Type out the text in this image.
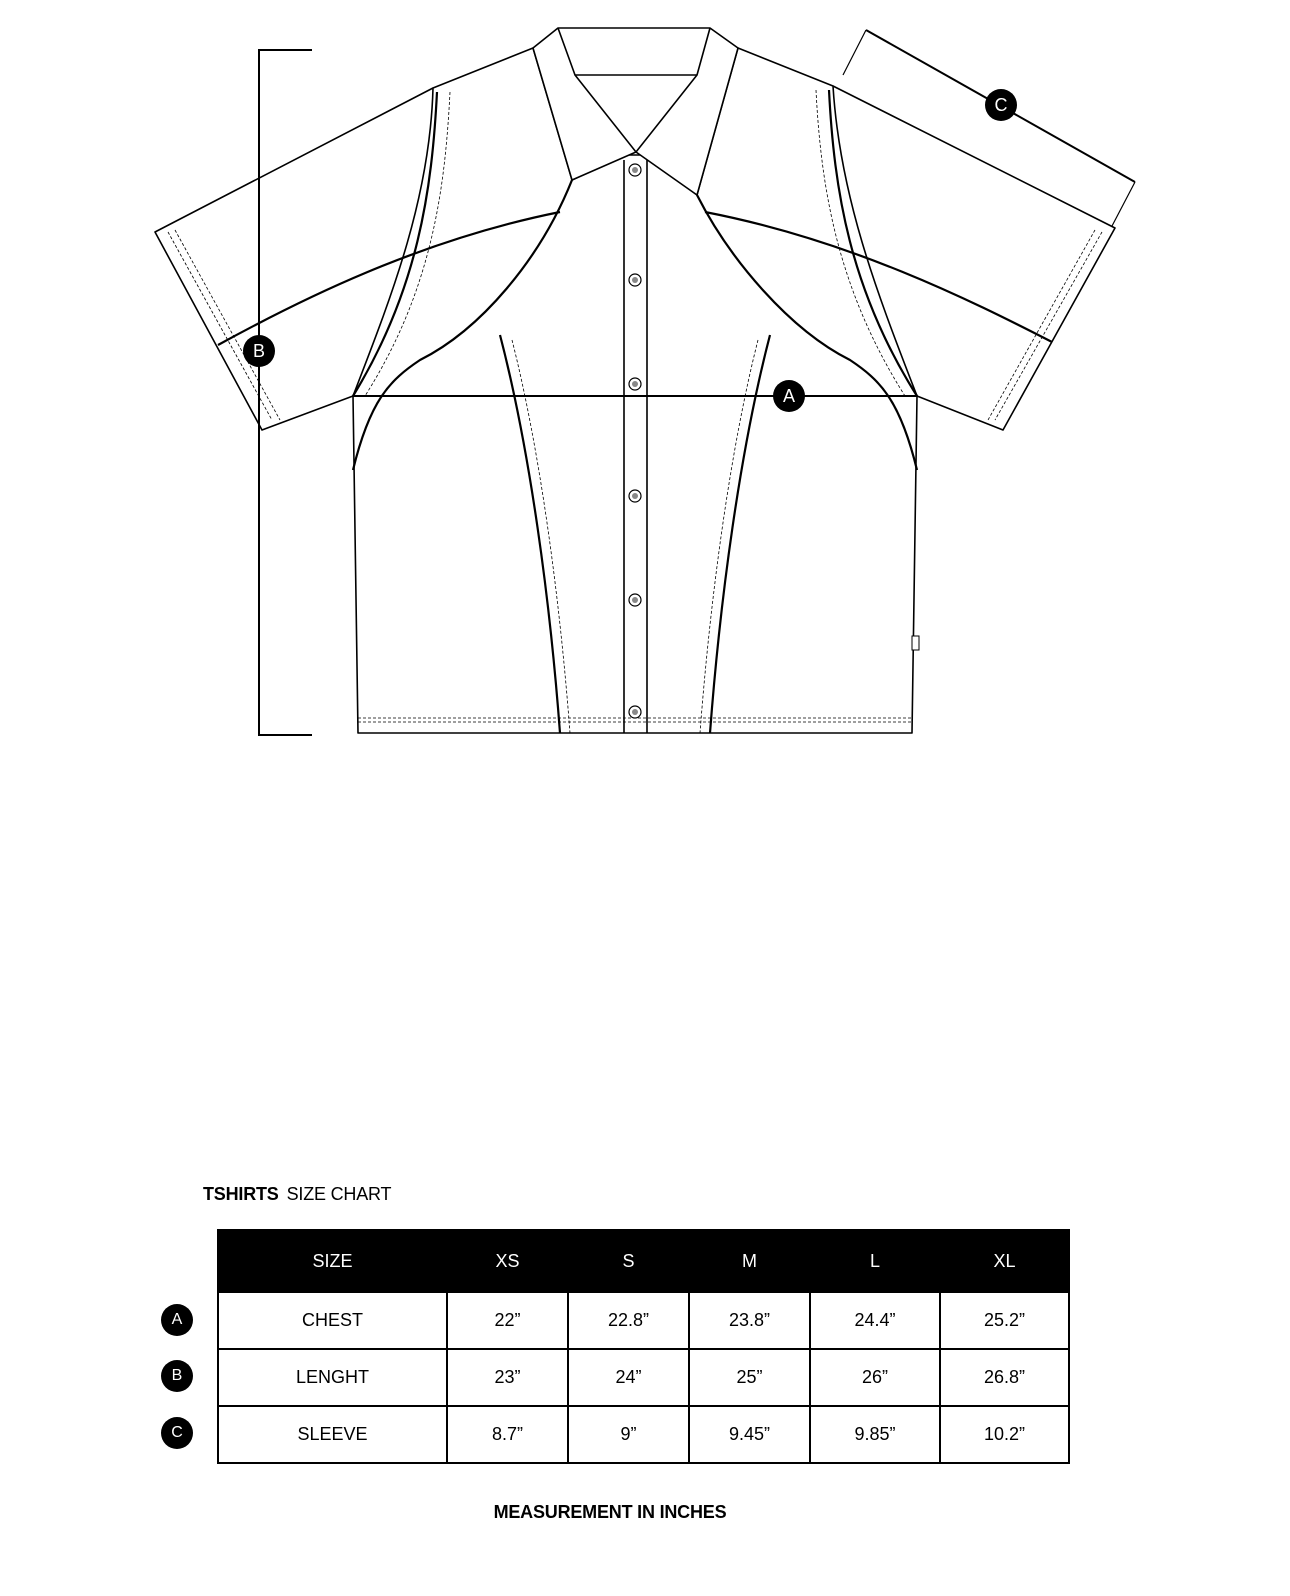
B
A
C
TSHIRTS SIZE CHART
SIZE	XS	S	M	L	XL
CHEST	22”	22.8”	23.8”	24.4”	25.2”
LENGHT	23”	24”	25”	26”	26.8”
SLEEVE	8.7”	9”	9.45”	9.85”	10.2”
A
B
C
MEASUREMENT IN INCHES
